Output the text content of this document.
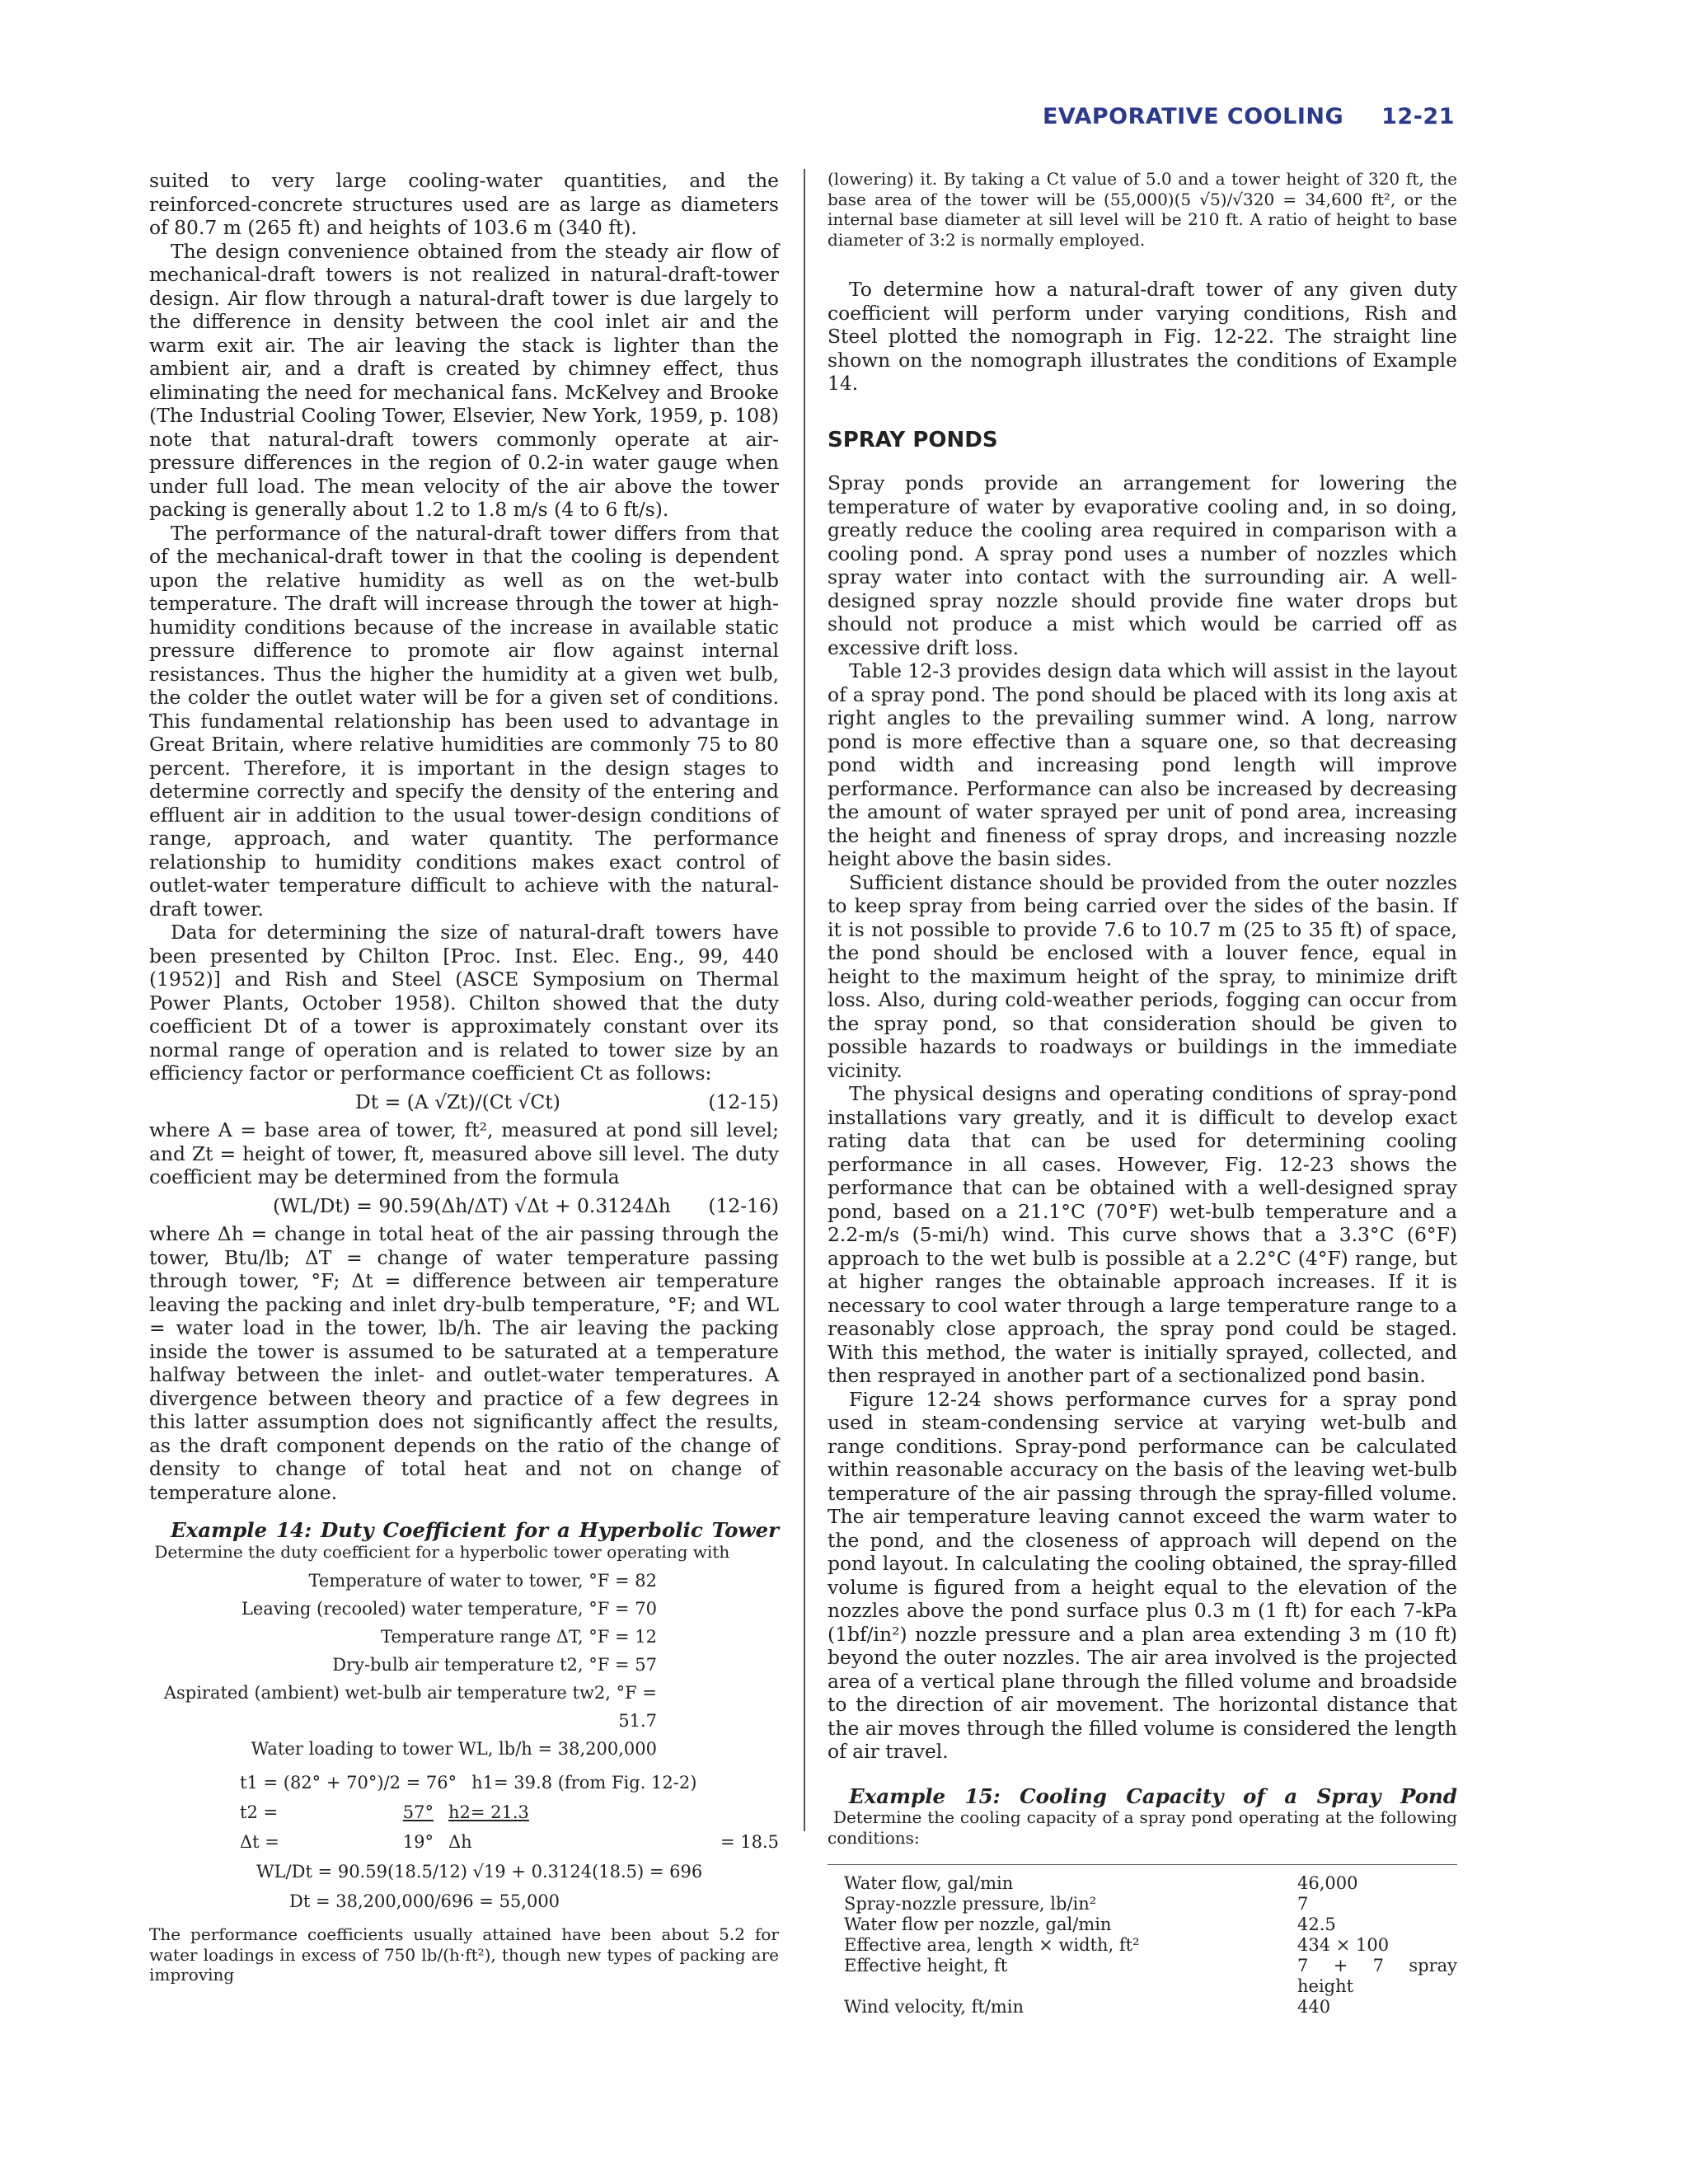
EVAPORATIVE COOLING 12-21

suited to very large cooling-water quantities, and the reinforced-concrete structures used are as large as diameters of 80.7 m (265 ft) and heights of 103.6 m (340 ft).

The design convenience obtained from the steady air flow of mechanical-draft towers is not realized in natural-draft-tower design. Air flow through a natural-draft tower is due largely to the difference in density between the cool inlet air and the warm exit air. The air leaving the stack is lighter than the ambient air, and a draft is created by chimney effect, thus eliminating the need for mechanical fans. McKelvey and Brooke (The Industrial Cooling Tower, Elsevier, New York, 1959, p. 108) note that natural-draft towers commonly operate at air-pressure differences in the region of 0.2-in water gauge when under full load. The mean velocity of the air above the tower packing is generally about 1.2 to 1.8 m/s (4 to 6 ft/s).

The performance of the natural-draft tower differs from that of the mechanical-draft tower in that the cooling is dependent upon the relative humidity as well as on the wet-bulb temperature. The draft will increase through the tower at high-humidity conditions because of the increase in available static pressure difference to promote air flow against internal resistances. Thus the higher the humidity at a given wet bulb, the colder the outlet water will be for a given set of conditions. This fundamental relationship has been used to advantage in Great Britain, where relative humidities are commonly 75 to 80 percent. Therefore, it is important in the design stages to determine correctly and specify the density of the entering and effluent air in addition to the usual tower-design conditions of range, approach, and water quantity. The performance relationship to humidity conditions makes exact control of outlet-water temperature difficult to achieve with the natural-draft tower.

Data for determining the size of natural-draft towers have been presented by Chilton [Proc. Inst. Elec. Eng., 99, 440 (1952)] and Rish and Steel (ASCE Symposium on Thermal Power Plants, October 1958). Chilton showed that the duty coefficient Dt of a tower is approximately constant over its normal range of operation and is related to tower size by an efficiency factor or performance coefficient Ct as follows:

Dt = (A √Zt)/(Ct √Ct)	(12-15)

where A = base area of tower, ft², measured at pond sill level; and Zt = height of tower, ft, measured above sill level. The duty coefficient may be determined from the formula

(WL/Dt) = 90.59(Δh/ΔT) √Δt + 0.3124Δh (12-16)

where Δh = change in total heat of the air passing through the tower, Btu/lb; ΔT = change of water temperature passing through tower, °F; Δt = difference between air temperature leaving the packing and inlet dry-bulb temperature, °F; and WL = water load in the tower, lb/h. The air leaving the packing inside the tower is assumed to be saturated at a temperature halfway between the inlet- and outlet-water temperatures. A divergence between theory and practice of a few degrees in this latter assumption does not significantly affect the results, as the draft component depends on the ratio of the change of density to change of total heat and not on change of temperature alone.

Example 14: Duty Coefficient for a Hyperbolic Tower  Determine the duty coefficient for a hyperbolic tower operating with

Temperature of water to tower, °F = 82
Leaving (recooled) water temperature, °F = 70
Temperature range ΔT, °F = 12
Dry-bulb air temperature t2, °F = 57
Aspirated (ambient) wet-bulb air temperature tw2, °F = 51.7
Water loading to tower WL, lb/h = 38,200,000
t1 = (82° + 70°)/2 = 76° h1= 39.8 (from Fig. 12-2)
t2 =	57° h2= 21.3
Δt =	19° Δh	= 18.5
WL/Dt = 90.59(18.5/12) √19 + 0.3124(18.5) = 696
Dt = 38,200,000/696 = 55,000

The performance coefficients usually attained have been about 5.2 for water loadings in excess of 750 lb/(h·ft²), though new types of packing are improving

(lowering) it. By taking a Ct value of 5.0 and a tower height of 320 ft, the base area of the tower will be (55,000)(5 √5)/√320 = 34,600 ft², or the internal base diameter at sill level will be 210 ft. A ratio of height to base diameter of 3:2 is normally employed.

To determine how a natural-draft tower of any given duty coefficient will perform under varying conditions, Rish and Steel plotted the nomograph in Fig. 12-22. The straight line shown on the nomograph illustrates the conditions of Example 14.

SPRAY PONDS

Spray ponds provide an arrangement for lowering the temperature of water by evaporative cooling and, in so doing, greatly reduce the cooling area required in comparison with a cooling pond. A spray pond uses a number of nozzles which spray water into contact with the surrounding air. A well-designed spray nozzle should provide fine water drops but should not produce a mist which would be carried off as excessive drift loss.

Table 12-3 provides design data which will assist in the layout of a spray pond. The pond should be placed with its long axis at right angles to the prevailing summer wind. A long, narrow pond is more effective than a square one, so that decreasing pond width and increasing pond length will improve performance. Performance can also be increased by decreasing the amount of water sprayed per unit of pond area, increasing the height and fineness of spray drops, and increasing nozzle height above the basin sides.

Sufficient distance should be provided from the outer nozzles to keep spray from being carried over the sides of the basin. If it is not possible to provide 7.6 to 10.7 m (25 to 35 ft) of space, the pond should be enclosed with a louver fence, equal in height to the maximum height of the spray, to minimize drift loss. Also, during cold-weather periods, fogging can occur from the spray pond, so that consideration should be given to possible hazards to roadways or buildings in the immediate vicinity.

The physical designs and operating conditions of spray-pond installations vary greatly, and it is difficult to develop exact rating data that can be used for determining cooling performance in all cases. However, Fig. 12-23 shows the performance that can be obtained with a well-designed spray pond, based on a 21.1°C (70°F) wet-bulb temperature and a 2.2-m/s (5-mi/h) wind. This curve shows that a 3.3°C (6°F) approach to the wet bulb is possible at a 2.2°C (4°F) range, but at higher ranges the obtainable approach increases. If it is necessary to cool water through a large temperature range to a reasonably close approach, the spray pond could be staged. With this method, the water is initially sprayed, collected, and then resprayed in another part of a sectionalized pond basin.

Figure 12-24 shows performance curves for a spray pond used in steam-condensing service at varying wet-bulb and range conditions. Spray-pond performance can be calculated within reasonable accuracy on the basis of the leaving wet-bulb temperature of the air passing through the spray-filled volume. The air temperature leaving cannot exceed the warm water to the pond, and the closeness of approach will depend on the pond layout. In calculating the cooling obtained, the spray-filled volume is figured from a height equal to the elevation of the nozzles above the pond surface plus 0.3 m (1 ft) for each 7-kPa (1bf/in²) nozzle pressure and a plan area extending 3 m (10 ft) beyond the outer nozzles. The air area involved is the projected area of a vertical plane through the filled volume and broadside to the direction of air movement. The horizontal distance that the air moves through the filled volume is considered the length of air travel.

Example 15: Cooling Capacity of a Spray Pond  Determine the cooling capacity of a spray pond operating at the following conditions:

Water flow, gal/min	46,000
Spray-nozzle pressure, lb/in²	7
Water flow per nozzle, gal/min	42.5
Effective area, length × width, ft²	434 × 100
Effective height, ft	7 + 7 spray height
Wind velocity, ft/min	440
